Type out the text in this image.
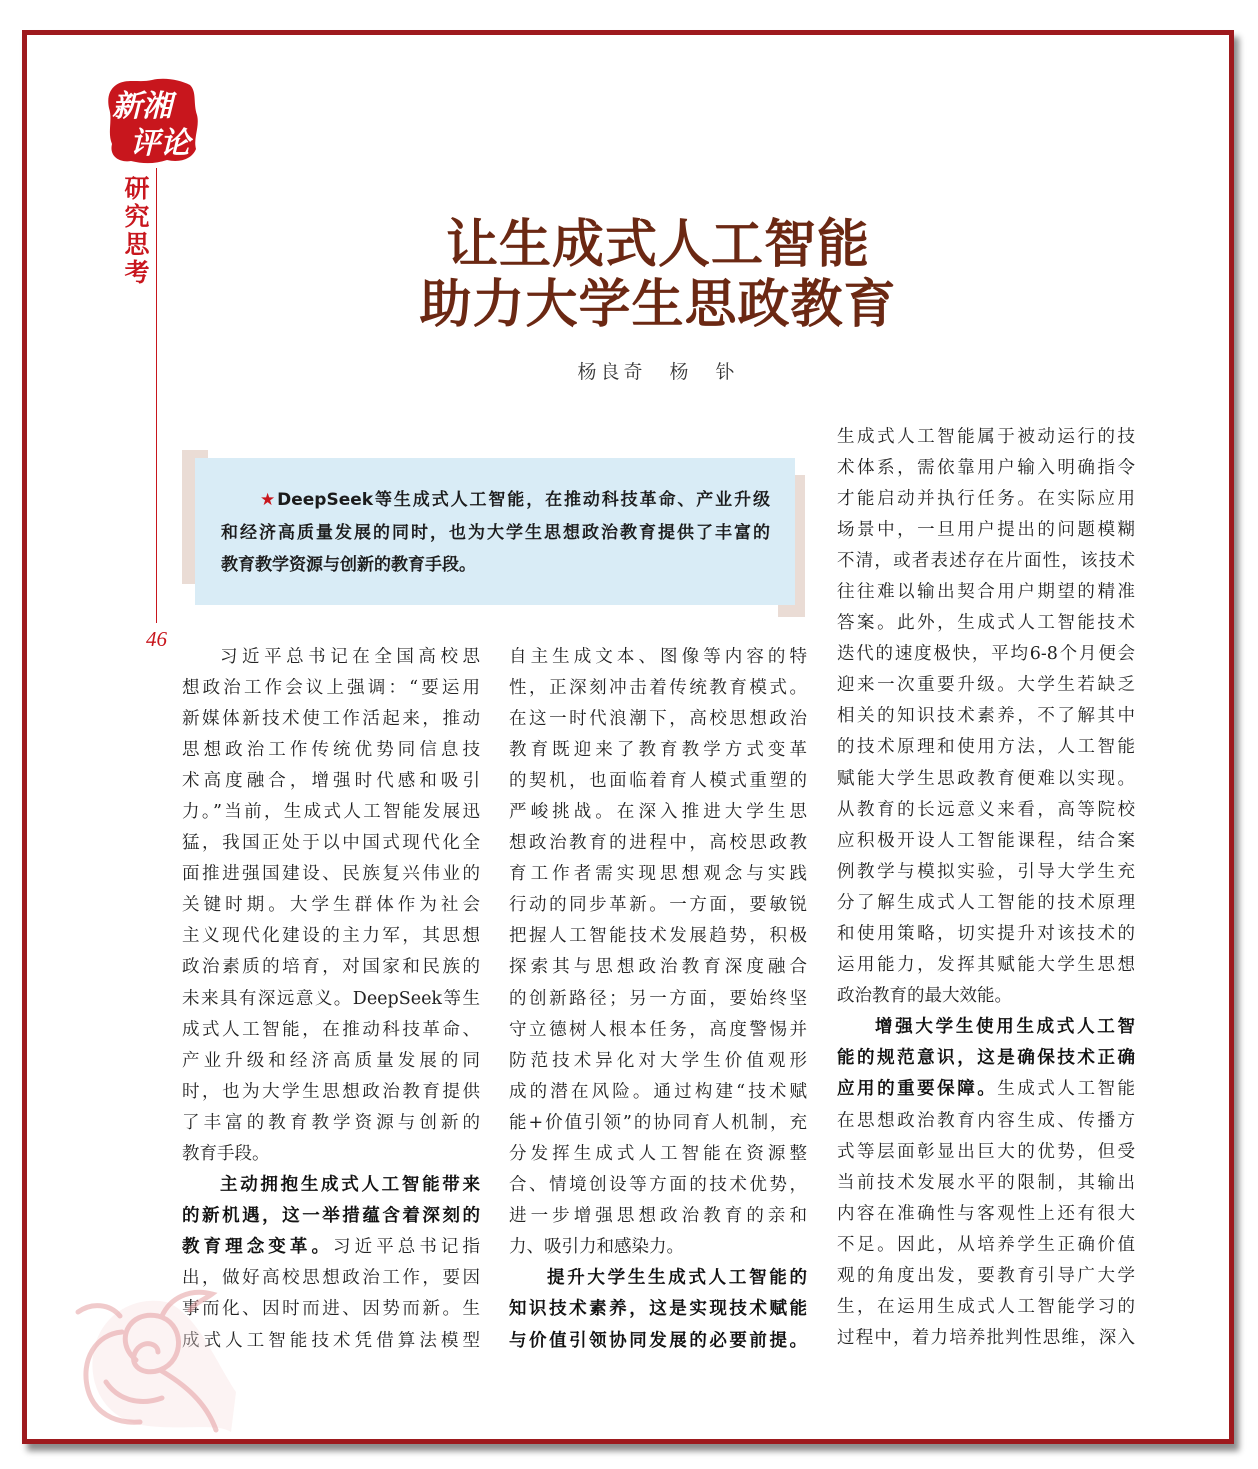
新湘
评论
研究思考
46
让生成式人工智能
助力大学生思政教育
杨良奇　杨　钋
★DeepSeek等生成式人工智能，在推动科技革命、产业升级
和经济高质量发展的同时，也为大学生思想政治教育提供了丰富的
教育教学资源与创新的教育手段。
习近平总书记在全国高校思
想政治工作会议上强调：“要运用
新媒体新技术使工作活起来，推动
思想政治工作传统优势同信息技
术高度融合，增强时代感和吸引
力。”当前，生成式人工智能发展迅
猛，我国正处于以中国式现代化全
面推进强国建设、民族复兴伟业的
关键时期。大学生群体作为社会
主义现代化建设的主力军，其思想
政治素质的培育，对国家和民族的
未来具有深远意义。DeepSeek等生
成式人工智能，在推动科技革命、
产业升级和经济高质量发展的同
时，也为大学生思想政治教育提供
了丰富的教育教学资源与创新的
教育手段。
主动拥抱生成式人工智能带来
的新机遇，这一举措蕴含着深刻的
教育理念变革。习近平总书记指
出，做好高校思想政治工作，要因
事而化、因时而进、因势而新。生
成式人工智能技术凭借算法模型
自主生成文本、图像等内容的特
性，正深刻冲击着传统教育模式。
在这一时代浪潮下，高校思想政治
教育既迎来了教育教学方式变革
的契机，也面临着育人模式重塑的
严峻挑战。在深入推进大学生思
想政治教育的进程中，高校思政教
育工作者需实现思想观念与实践
行动的同步革新。一方面，要敏锐
把握人工智能技术发展趋势，积极
探索其与思想政治教育深度融合
的创新路径；另一方面，要始终坚
守立德树人根本任务，高度警惕并
防范技术异化对大学生价值观形
成的潜在风险。通过构建“技术赋
能+价值引领”的协同育人机制，充
分发挥生成式人工智能在资源整
合、情境创设等方面的技术优势，
进一步增强思想政治教育的亲和
力、吸引力和感染力。
提升大学生生成式人工智能的
知识技术素养，这是实现技术赋能
与价值引领协同发展的必要前提。
生成式人工智能属于被动运行的技
术体系，需依靠用户输入明确指令
才能启动并执行任务。在实际应用
场景中，一旦用户提出的问题模糊
不清，或者表述存在片面性，该技术
往往难以输出契合用户期望的精准
答案。此外，生成式人工智能技术
迭代的速度极快，平均6-8个月便会
迎来一次重要升级。大学生若缺乏
相关的知识技术素养，不了解其中
的技术原理和使用方法，人工智能
赋能大学生思政教育便难以实现。
从教育的长远意义来看，高等院校
应积极开设人工智能课程，结合案
例教学与模拟实验，引导大学生充
分了解生成式人工智能的技术原理
和使用策略，切实提升对该技术的
运用能力，发挥其赋能大学生思想
政治教育的最大效能。
增强大学生使用生成式人工智
能的规范意识，这是确保技术正确
应用的重要保障。生成式人工智能
在思想政治教育内容生成、传播方
式等层面彰显出巨大的优势，但受
当前技术发展水平的限制，其输出
内容在准确性与客观性上还有很大
不足。因此，从培养学生正确价值
观的角度出发，要教育引导广大学
生，在运用生成式人工智能学习的
过程中，着力培养批判性思维，深入
